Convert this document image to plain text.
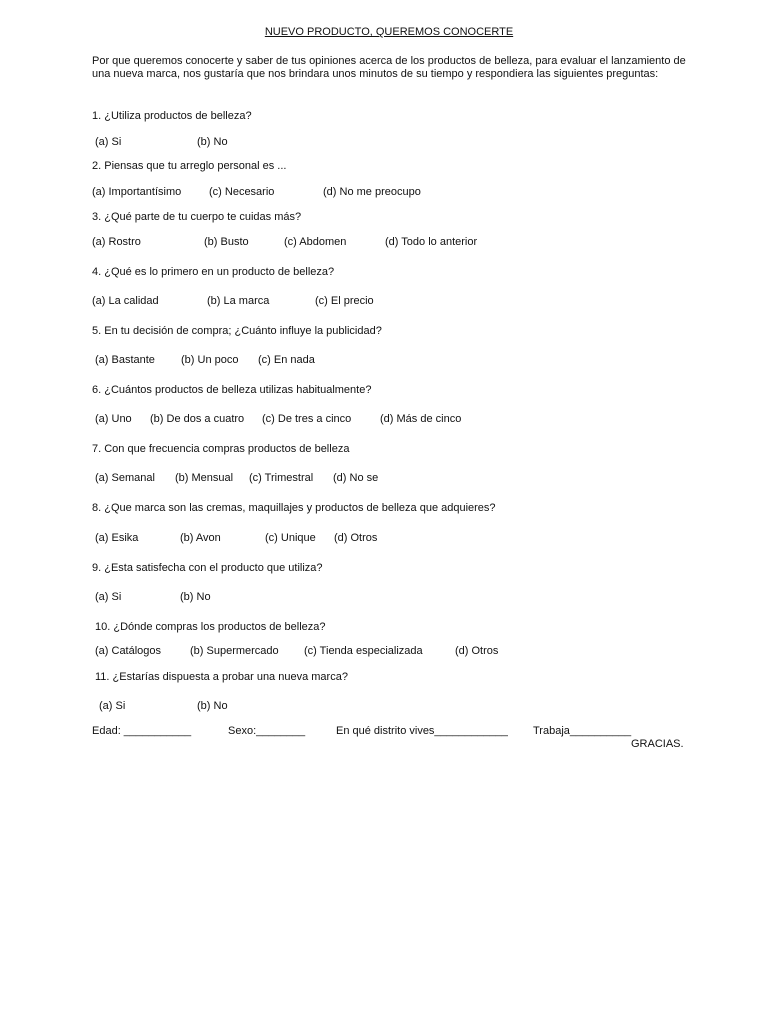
NUEVO PRODUCTO, QUEREMOS CONOCERTE
Por que queremos conocerte y saber de tus opiniones acerca de los productos de belleza, para evaluar el lanzamiento de una nueva marca, nos gustaría que nos brindara unos minutos de su tiempo y respondiera las siguientes preguntas:
1. ¿Utiliza productos de belleza?
(a) Si	(b) No
2. Piensas que tu arreglo personal es ...
(a) Importantísimo	(c) Necesario	(d) No me preocupo
3. ¿Qué parte de tu cuerpo te cuidas más?
(a) Rostro	(b) Busto	(c) Abdomen	(d) Todo lo anterior
4. ¿Qué es lo primero en un producto de belleza?
(a) La calidad	(b) La marca	(c) El precio
5. En tu decisión de compra; ¿Cuánto influye la publicidad?
(a) Bastante (b) Un poco (c) En nada
6. ¿Cuántos productos de belleza utilizas habitualmente?
(a) Uno (b) De dos a cuatro (c) De tres a cinco	(d) Más de cinco
7. Con que frecuencia compras productos de belleza
(a) Semanal (b) Mensual (c) Trimestral (d) No se
8. ¿Que marca son las cremas, maquillajes y productos de belleza que adquieres?
(a) Esika	(b) Avon	(c) Unique (d) Otros
9. ¿Esta satisfecha con el producto que utiliza?
(a) Si	(b) No
10. ¿Dónde compras los productos de belleza?
(a) Catálogos	(b) Supermercado (c) Tienda especializada	(d) Otros
11. ¿Estarías dispuesta a probar una nueva marca?
(a) Si	(b) No
Edad: ___________	Sexo:________	En qué distrito vives____________ Trabaja__________
GRACIAS.
